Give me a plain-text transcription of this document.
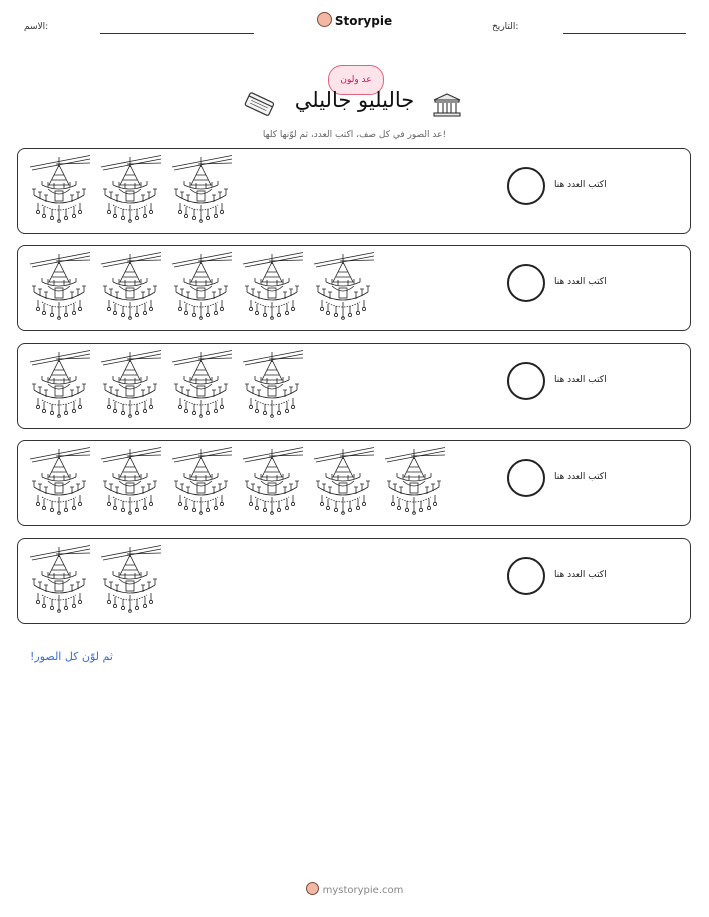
الاسم:	Storypie	التاريخ:
عد ولون
جاليليو جاليلي
عد الصور في كل صف، اكتب العدد، ثم لوّنها كلها!
اكتب العدد هنا
اكتب العدد هنا
اكتب العدد هنا
اكتب العدد هنا
اكتب العدد هنا
ثم لوّن كل الصور!
mystorypie.com
